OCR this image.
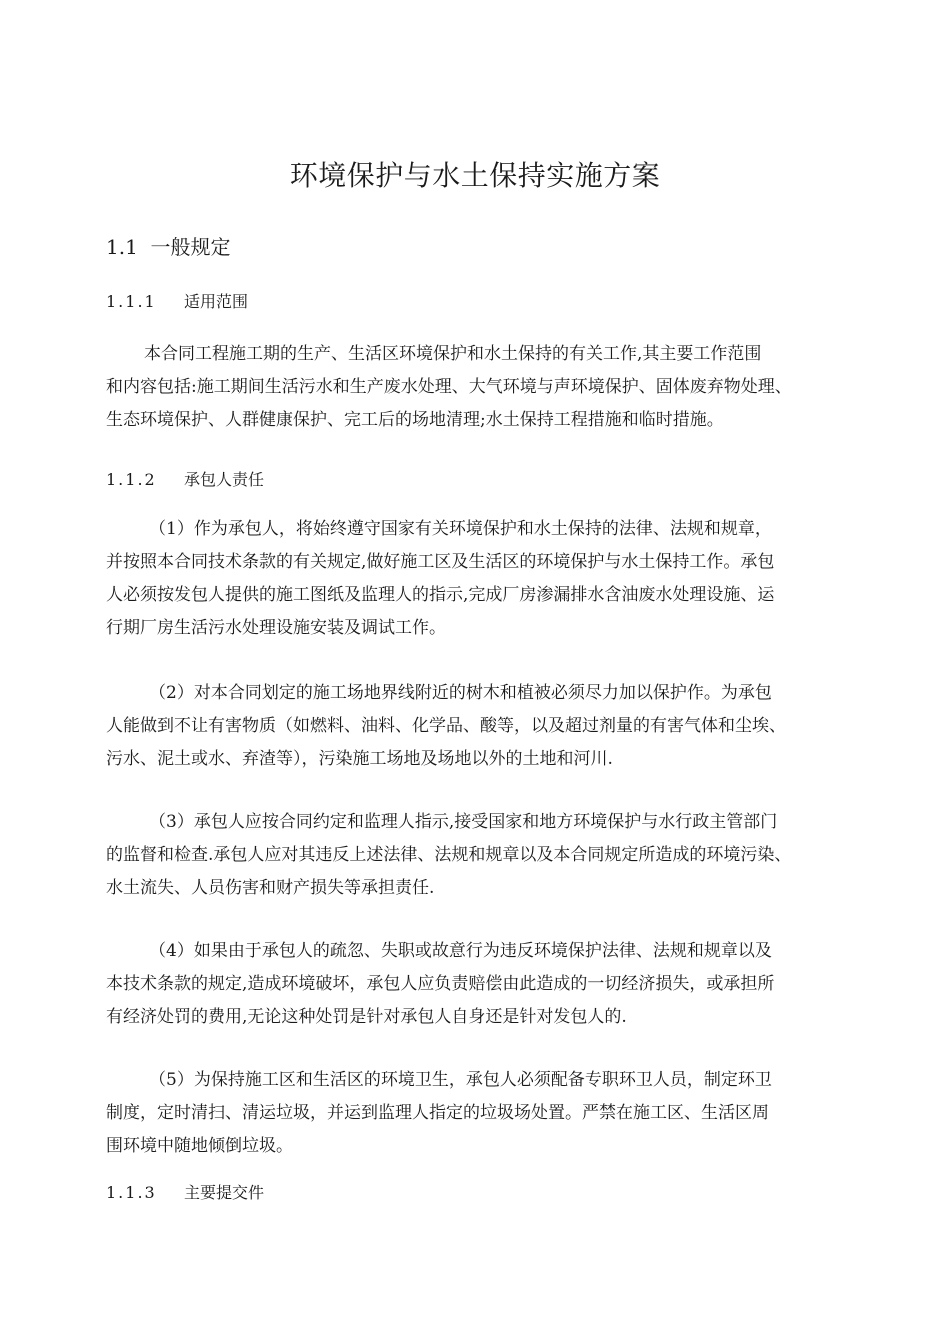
环境保护与水土保持实施方案
1.1 一般规定
1.1.1 适用范围
本合同工程施工期的生产、生活区环境保护和水土保持的有关工作,其主要工作范围
和内容包括:施工期间生活污水和生产废水处理、大气环境与声环境保护、固体废弃物处理、
生态环境保护、人群健康保护、完工后的场地清理;水土保持工程措施和临时措施。
1.1.2 承包人责任
（1）作为承包人，将始终遵守国家有关环境保护和水土保持的法律、法规和规章，
并按照本合同技术条款的有关规定,做好施工区及生活区的环境保护与水土保持工作。承包
人必须按发包人提供的施工图纸及监理人的指示,完成厂房渗漏排水含油废水处理设施、运
行期厂房生活污水处理设施安装及调试工作。
（2）对本合同划定的施工场地界线附近的树木和植被必须尽力加以保护作。为承包
人能做到不让有害物质（如燃料、油料、化学品、酸等，以及超过剂量的有害气体和尘埃、
污水、泥土或水、弃渣等），污染施工场地及场地以外的土地和河川.
（3）承包人应按合同约定和监理人指示,接受国家和地方环境保护与水行政主管部门
的监督和检查.承包人应对其违反上述法律、法规和规章以及本合同规定所造成的环境污染、
水土流失、人员伤害和财产损失等承担责任.
（4）如果由于承包人的疏忽、失职或故意行为违反环境保护法律、法规和规章以及
本技术条款的规定,造成环境破坏，承包人应负责赔偿由此造成的一切经济损失，或承担所
有经济处罚的费用,无论这种处罚是针对承包人自身还是针对发包人的.
（5）为保持施工区和生活区的环境卫生，承包人必须配备专职环卫人员，制定环卫
制度，定时清扫、清运垃圾，并运到监理人指定的垃圾场处置。严禁在施工区、生活区周
围环境中随地倾倒垃圾。
1.1.3 主要提交件
